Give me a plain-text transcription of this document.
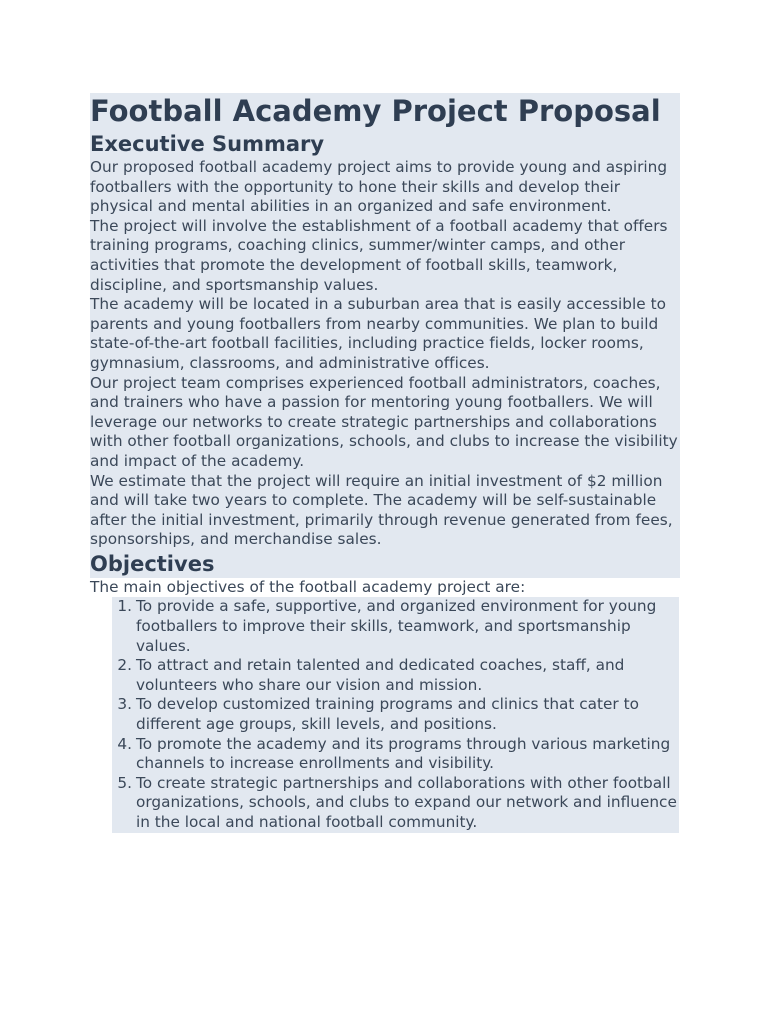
Football Academy Project Proposal
Executive Summary

Our proposed football academy project aims to provide young and aspiring footballers with the opportunity to hone their skills and develop their physical and mental abilities in an organized and safe environment.

The project will involve the establishment of a football academy that offers training programs, coaching clinics, summer/winter camps, and other activities that promote the development of football skills, teamwork, discipline, and sportsmanship values.

The academy will be located in a suburban area that is easily accessible to parents and young footballers from nearby communities. We plan to build state-of-the-art football facilities, including practice fields, locker rooms, gymnasium, classrooms, and administrative offices.

Our project team comprises experienced football administrators, coaches, and trainers who have a passion for mentoring young footballers. We will leverage our networks to create strategic partnerships and collaborations with other football organizations, schools, and clubs to increase the visibility and impact of the academy.

We estimate that the project will require an initial investment of $2 million and will take two years to complete. The academy will be self-sustainable after the initial investment, primarily through revenue generated from fees, sponsorships, and merchandise sales.

Objectives

The main objectives of the football academy project are:

1. To provide a safe, supportive, and organized environment for young footballers to improve their skills, teamwork, and sportsmanship values.
2. To attract and retain talented and dedicated coaches, staff, and volunteers who share our vision and mission.
3. To develop customized training programs and clinics that cater to different age groups, skill levels, and positions.
4. To promote the academy and its programs through various marketing channels to increase enrollments and visibility.
5. To create strategic partnerships and collaborations with other football organizations, schools, and clubs to expand our network and influence in the local and national football community.
